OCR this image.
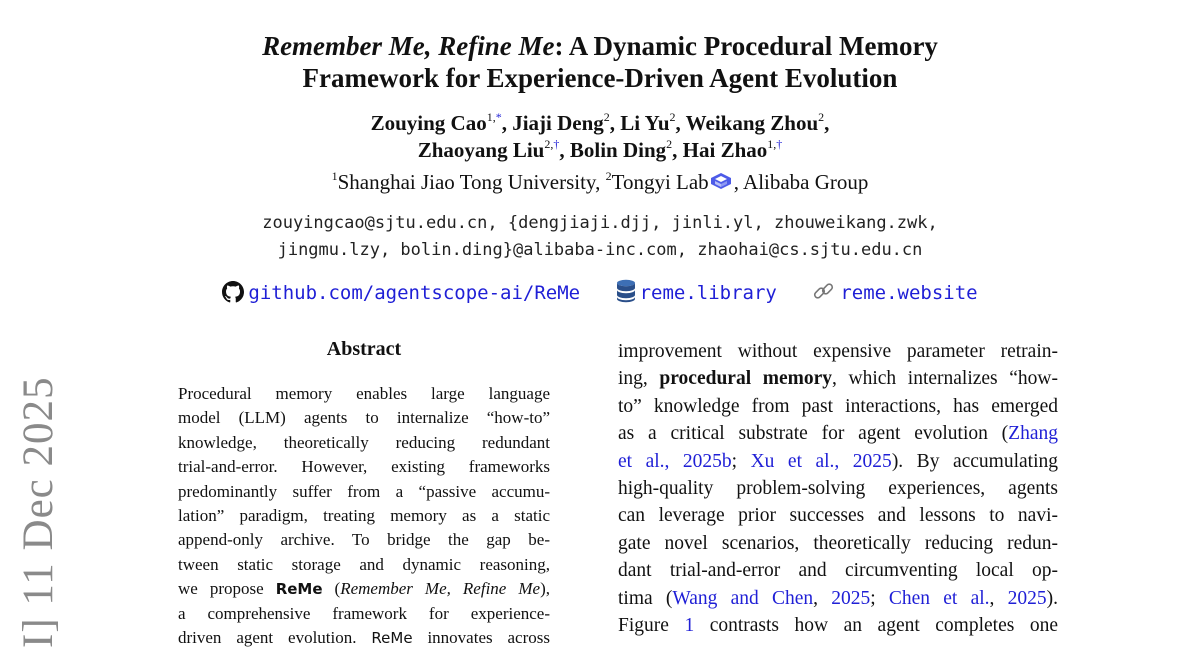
I] 11 Dec 2025
Remember Me, Refine Me: A Dynamic Procedural Memory
Framework for Experience-Driven Agent Evolution
Zouying Cao$^{1,*}$, Jiaji Deng$^2$, Li Yu$^2$, Weikang Zhou$^2$,
Zhaoyang Liu$^{2,\dagger}$, Bolin Ding$^2$, Hai Zhao$^{1,\dagger}$
$^1$Shanghai Jiao Tong University, $^2$Tongyi Lab , Alibaba Group
zouyingcao@sjtu.edu.cn, {dengjiaji.djj, jinli.yl, zhouweikang.zwk,
jingmu.lzy, bolin.ding}@alibaba-inc.com, zhaohai@cs.sjtu.edu.cn
github.com/agentscope-ai/ReMe	reme.library	reme.website
Abstract
Procedural memory enables large language
model (LLM) agents to internalize “how-to”
knowledge, theoretically reducing redundant
trial-and-error. However, existing frameworks
predominantly suffer from a “passive accumu-
lation” paradigm, treating memory as a static
append-only archive. To bridge the gap be-
tween static storage and dynamic reasoning,
we propose ReMe (Remember Me, Refine Me),
a comprehensive framework for experience-
driven agent evolution. ReMe innovates across
improvement without expensive parameter retrain-
ing, procedural memory, which internalizes “how-
to” knowledge from past interactions, has emerged
as a critical substrate for agent evolution (Zhang
et al., 2025b; Xu et al., 2025). By accumulating
high-quality problem-solving experiences, agents
can leverage prior successes and lessons to navi-
gate novel scenarios, theoretically reducing redun-
dant trial-and-error and circumventing local op-
tima (Wang and Chen, 2025; Chen et al., 2025).
Figure 1 contrasts how an agent completes one
